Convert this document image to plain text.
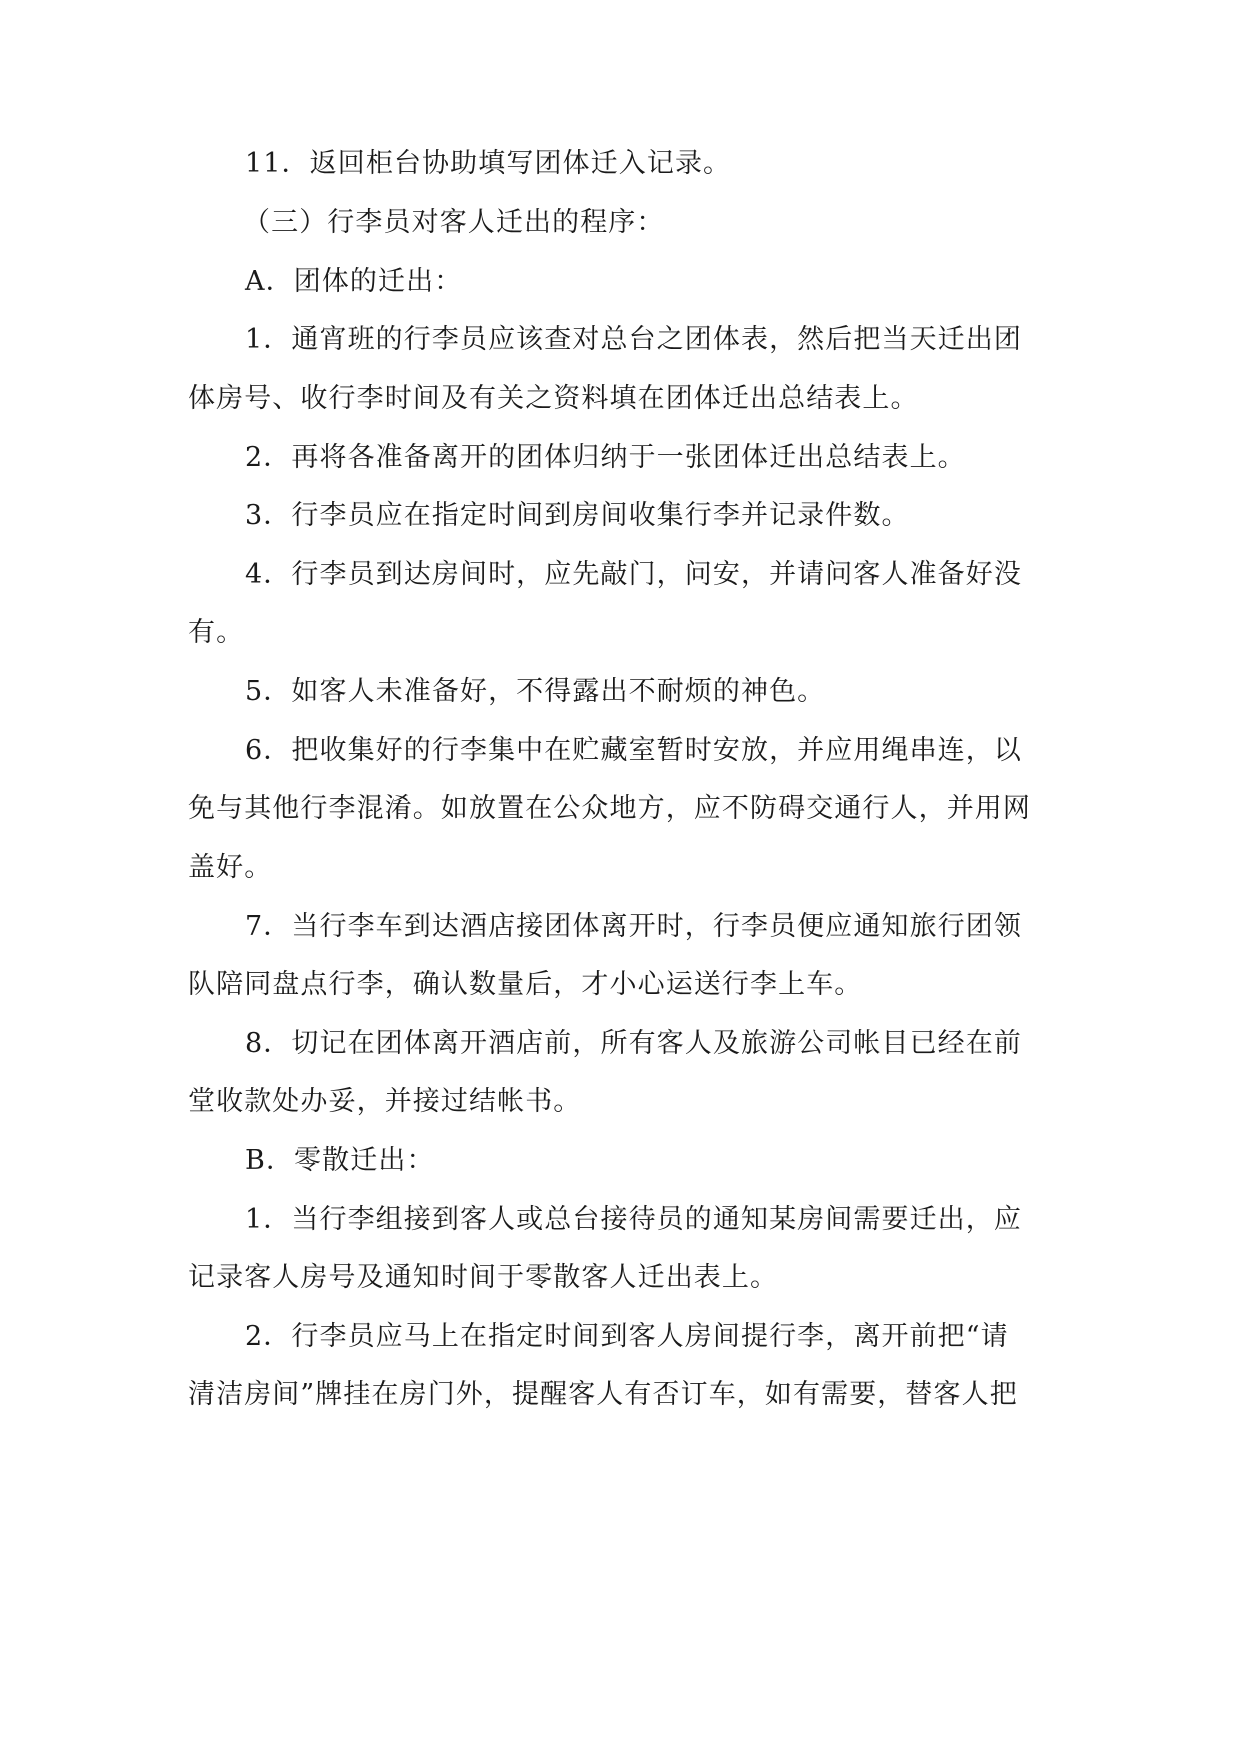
11．返回柜台协助填写团体迁入记录。
（三）行李员对客人迁出的程序：
A．团体的迁出：
1．通宵班的行李员应该查对总台之团体表，然后把当天迁出团
体房号、收行李时间及有关之资料填在团体迁出总结表上。
2．再将各准备离开的团体归纳于一张团体迁出总结表上。
3．行李员应在指定时间到房间收集行李并记录件数。
4．行李员到达房间时，应先敲门，问安，并请问客人准备好没
有。
5．如客人未准备好，不得露出不耐烦的神色。
6．把收集好的行李集中在贮藏室暂时安放，并应用绳串连，以
免与其他行李混淆。如放置在公众地方，应不防碍交通行人，并用网
盖好。
7．当行李车到达酒店接团体离开时，行李员便应通知旅行团领
队陪同盘点行李，确认数量后，才小心运送行李上车。
8．切记在团体离开酒店前，所有客人及旅游公司帐目已经在前
堂收款处办妥，并接过结帐书。
B．零散迁出：
1．当行李组接到客人或总台接待员的通知某房间需要迁出，应
记录客人房号及通知时间于零散客人迁出表上。
2．行李员应马上在指定时间到客人房间提行李，离开前把“请
清洁房间”牌挂在房门外，提醒客人有否订车，如有需要，替客人把
